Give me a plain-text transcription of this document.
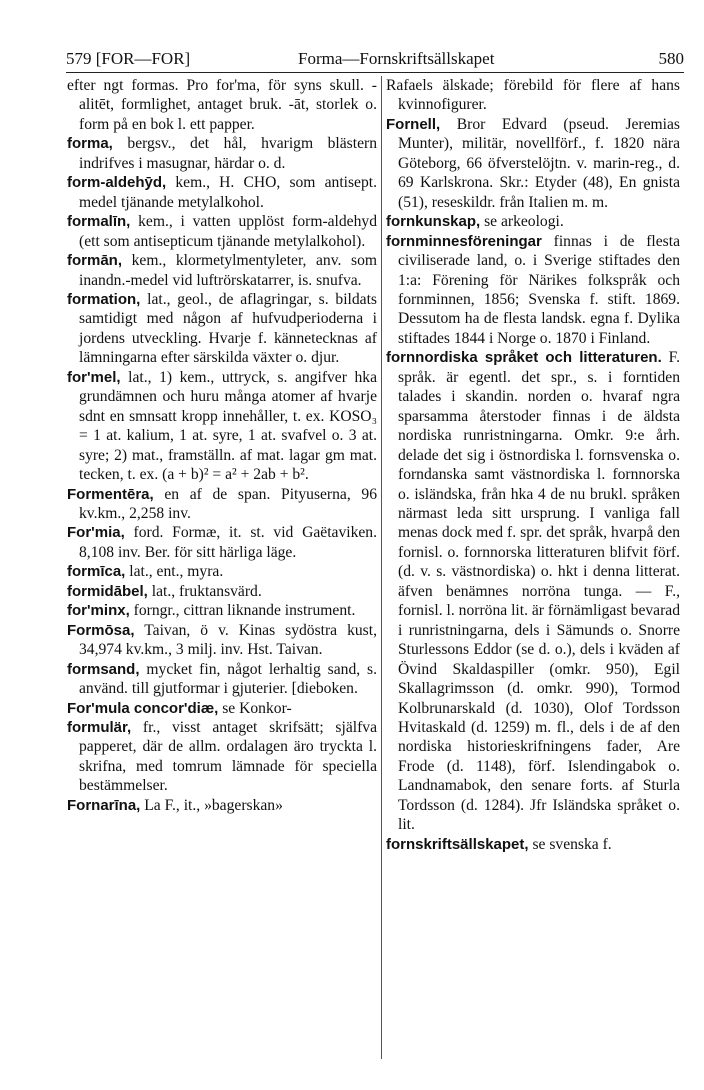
579 [FOR—FOR]	Forma—Fornskriftsällskapet	580

efter ngt formas. Pro for'ma, för syns skull. -alitēt, formlighet, antaget bruk. -āt, storlek o. form på en bok l. ett papper.

forma, bergsv., det hål, hvarigm blästern indrifves i masugnar, härdar o. d.

form-aldehȳd, kem., H. CHO, som antisept. medel tjänande metylalkohol.

formalīn, kem., i vatten upplöst form-aldehyd (ett som antisepticum tjänande metylalkohol).

formān, kem., klormetylmentyleter, anv. som inandn.-medel vid luftrörskatarrer, is. snufva.

formation, lat., geol., de aflagringar, s. bildats samtidigt med någon af hufvudperioderna i jordens utveckling. Hvarje f. kännetecknas af lämningarna efter särskilda växter o. djur.

for'mel, lat., 1) kem., uttryck, s. angifver hka grundämnen och huru många atomer af hvarje sdnt en smnsatt kropp innehåller, t. ex. KOSO₃ = 1 at. kalium, 1 at. syre, 1 at. svafvel o. 3 at. syre; 2) mat., framställn. af mat. lagar gm mat. tecken, t. ex. (a + b)² = a² + 2ab + b².

Formentēra, en af de span. Pityuserna, 96 kv.km., 2,258 inv.

For'mia, ford. Formæ, it. st. vid Gaëtaviken. 8,108 inv. Ber. för sitt härliga läge.

formīca, lat., ent., myra.

formidābel, lat., fruktansvärd.

for'minx, forngr., cittran liknande instrument.

Formōsa, Taivan, ö v. Kinas sydöstra kust, 34,974 kv.km., 3 milj. inv. Hst. Taivan.

formsand, mycket fin, något lerhaltig sand, s. använd. till gjutformar i gjuterier. [dieboken.

For'mula concor'diæ, se Konkor-

formulär, fr., visst antaget skrifsätt; själfva papperet, där de allm. ordalagen äro tryckta l. skrifna, med tomrum lämnade för speciella bestämmelser.

Fornarīna, La F., it., »bagerskan»

Rafaels älskade; förebild för flere af hans kvinnofigurer.

Fornell, Bror Edvard (pseud. Jeremias Munter), militär, novellförf., f. 1820 nära Göteborg, 66 öfverstelöjtn. v. marin-reg., d. 69 Karlskrona. Skr.: Etyder (48), En gnista (51), reseskildr. från Italien m. m.

fornkunskap, se arkeologi.

fornminnesföreningar finnas i de flesta civiliserade land, o. i Sverige stiftades den 1:a: Förening för Närikes folkspråk och fornminnen, 1856; Svenska f. stift. 1869. Dessutom ha de flesta landsk. egna f. Dylika stiftades 1844 i Norge o. 1870 i Finland.

fornnordiska språket och litteraturen. F. språk. är egentl. det spr., s. i forntiden talades i skandin. norden o. hvaraf ngra sparsamma återstoder finnas i de äldsta nordiska runristningarna. Omkr. 9:e årh. delade det sig i östnordiska l. fornsvenska o. forndanska samt västnordiska l. fornnorska o. isländska, från hka 4 de nu brukl. språken närmast leda sitt ursprung. I vanliga fall menas dock med f. spr. det språk, hvarpå den fornisl. o. fornnorska litteraturen blifvit förf. (d. v. s. västnordiska) o. hkt i denna litterat. äfven benämnes norröna tunga. — F., fornisl. l. norröna lit. är förnämligast bevarad i runristningarna, dels i Sämunds o. Snorre Sturlessons Eddor (se d. o.), dels i kväden af Övind Skaldaspiller (omkr. 950), Egil Skallagrimsson (d. omkr. 990), Tormod Kolbrunarskald (d. 1030), Olof Tordsson Hvitaskald (d. 1259) m. fl., dels i de af den nordiska historieskrifningens fader, Are Frode (d. 1148), förf. Islendingabok o. Landnamabok, den senare forts. af Sturla Tordsson (d. 1284). Jfr Isländska språket o. lit.

fornskriftsällskapet, se svenska f.
